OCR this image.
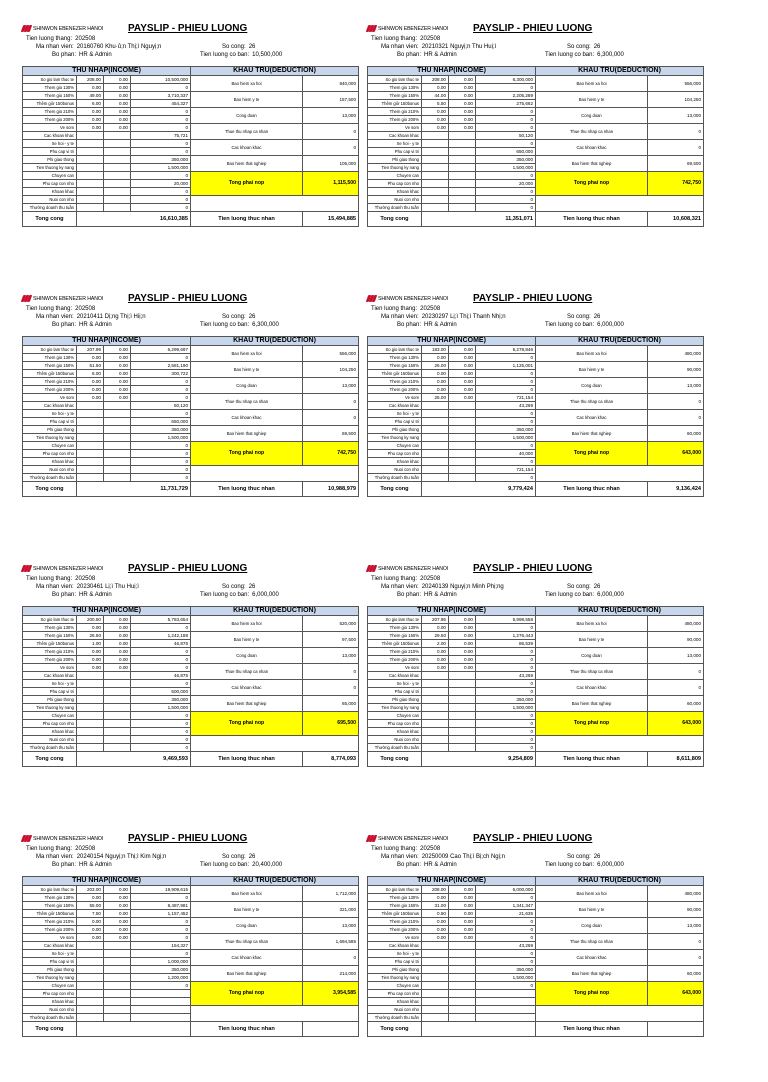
SHINWON EBENEZER HANOI PAYSLIP - PHIEU LUONG
Tien luong thang: 202508
Ma nhan vien: 20160760 Khu·ủ;n Thị;ì Nguyị;n
Bo phan: HR & Admin
So cong: 26
Tien luong co ban: 10,500,000
THU NHAP(INCOME)				KHAU TRU(DEDUCTION)	
So gio lam thuc te	208.00	0.00	10,500,000	Bao hiem xa hoi	840,000
Them gio 130%	0.00	0.00	0		
Them gio 150%	49.00	0.00	3,710,337	Bao hiem y te	157,500
Thêm giờ 150bonus	6.00	0.00	454,327		
Them gio 210%	0.00	0.00	0	Cong doan	13,000
Them gio 200%	0.00	0.00	0		
Ve som	0.00	0.00	0	Thue thu nhap ca nhan	0
Cac khoan khac			75,721		
Xe hoi - y te			0	Cac khoan khac	0
Phu cap vi tri			0		
Phi giao thong			350,000	Bao hiem that nghiep	105,000
Tien thuong ky nang			1,500,000		
Chuyen can			0	Tong phai nop	1,115,500
Phu cap con nho			20,000		
Khoan khac			0		
Nuoi con nho			0		
Thưởng doanh thu tuần			0		
Tong cong	16,610,385			Tien luong thuc nhan	15,494,885
SHINWON EBENEZER HANOI PAYSLIP - PHIEU LUONG
Tien luong thang: 202508
Ma nhan vien: 20210321 Nguyị;n Thu Huị;ì
Bo phan: HR & Admin
So cong: 26
Tien luong co ban: 6,300,000
THU NHAP(INCOME)				KHAU TRU(DEDUCTION)	
So gio lam thuc te	208.00	0.00	6,300,000	Bao hiem xa hoi	556,000
Them gio 130%	0.00	0.00	0		
Them gio 150%	44.00	0.00	2,205,289	Bao hiem y te	104,250
Thêm giờ 150bonus	5.50	0.00	275,662		
Them gio 210%	0.00	0.00	0	Cong doan	13,000
Them gio 200%	0.00	0.00	0		
Ve som	0.00	0.00	0	Thue thu nhap ca nhan	0
Cac khoan khac			50,120		
Xe hoi - y te			0	Cac khoan khac	0
Phu cap vi tri			650,000		
Phi giao thong			350,000	Bao hiem that nghiep	69,500
Tien thuong ky nang			1,500,000		
Chuyen can			0	Tong phai nop	742,750
Phu cap con nho			20,000		
Khoan khac			0		
Nuoi con nho			0		
Thưởng doanh thu tuần			0		
Tong cong	11,351,071			Tien luong thuc nhan	10,608,321
SHINWON EBENEZER HANOI PAYSLIP - PHIEU LUONG
Tien luong thang: 202508
Ma nhan vien: 20210411 Dị;ng Thị;ì Hiị;n
Bo phan: HR & Admin
So cong: 26
Tien luong co ban: 6,300,000
THU NHAP(INCOME)				KHAU TRU(DEDUCTION)	
So gio lam thuc te	207.99	0.00	6,299,697	Bao hiem xa hoi	556,000
Them gio 130%	0.00	0.00	0		
Them gio 150%	51.50	0.00	2,581,190	Bao hiem y te	104,250
Thêm giờ 150bonus	6.00	0.00	300,722		
Them gio 210%	0.00	0.00	0	Cong doan	13,000
Them gio 200%	0.00	0.00	0		
Ve som	0.00	0.00	0	Thue thu nhap ca nhan	0
Cac khoan khac			50,120		
Xe hoi - y te			0	Cac khoan khac	0
Phu cap vi tri			650,000		
Phi giao thong			350,000	Bao hiem that nghiep	69,500
Tien thuong ky nang			1,500,000		
Chuyen can			0	Tong phai nop	742,750
Phu cap con nho			0		
Khoan khac			0		
Nuoi con nho			0		
Thưởng doanh thu tuần			0		
Tong cong	11,731,729			Tien luong thuc nhan	10,988,979
SHINWON EBENEZER HANOI PAYSLIP - PHIEU LUONG
Tien luong thang: 202508
Ma nhan vien: 20230297 Lị;ì Thị;ì Thanh Nhị;n
Bo phan: HR & Admin
So cong: 26
Tien luong co ban: 6,000,000
THU NHAP(INCOME)				KHAU TRU(DEDUCTION)	
So gio lam thuc te	183.00	0.00	5,278,846	Bao hiem xa hoi	480,000
Them gio 130%	0.00	0.00	0		
Them gio 150%	26.00	0.00	1,125,001	Bao hiem y te	90,000
Thêm giờ 150bonus	0.00	0.00	0		
Them gio 210%	0.00	0.00	0	Cong doan	13,000
Them gio 200%	0.00	0.00	0		
Ve som	25.00	0.00	721,154	Thue thu nhap ca nhan	0
Cac khoan khac			43,269		
Xe hoi - y te			0	Cac khoan khac	0
Phu cap vi tri			0		
Phi giao thong			350,000	Bao hiem that nghiep	60,000
Tien thuong ky nang			1,500,000		
Chuyen can			0	Tong phai nop	643,000
Phu cap con nho			40,000		
Khoan khac			0		
Nuoi con nho			721,154		
Thưởng doanh thu tuần			0		
Tong cong	9,779,424			Tien luong thuc nhan	9,136,424
SHINWON EBENEZER HANOI PAYSLIP - PHIEU LUONG
Tien luong thang: 202508
Ma nhan vien: 20230461 Lị;ì Thu Huị;ì
Bo phan: HR & Admin
So cong: 26
Tien luong co ban: 6,000,000
THU NHAP(INCOME)				KHAU TRU(DEDUCTION)	
So gio lam thuc te	200.50	0.00	5,783,654	Bao hiem xa hoi	520,000
Them gio 130%	0.00	0.00	0		
Them gio 150%	26.50	0.00	1,242,188	Bao hiem y te	97,500
Thêm giờ 150bonus	1.00	0.00	46,876		
Them gio 210%	0.00	0.00	0	Cong doan	13,000
Them gio 200%	0.00	0.00	0		
Ve som	0.00	0.00	0	Thue thu nhap ca nhan	0
Cac khoan khac			46,875		
Xe hoi - y te			0	Cac khoan khac	0
Phu cap vi tri			500,000		
Phi giao thong			350,000	Bao hiem that nghiep	65,000
Tien thuong ky nang			1,500,000		
Chuyen can			0	Tong phai nop	695,500
Phu cap con nho			0		
Khoan khac			0		
Nuoi con nho			0		
Thưởng doanh thu tuần			0		
Tong cong	9,469,593			Tien luong thuc nhan	8,774,093
SHINWON EBENEZER HANOI PAYSLIP - PHIEU LUONG
Tien luong thang: 202508
Ma nhan vien: 20240139 Nguyị;n Minh Phị;ng
Bo phan: HR & Admin
So cong: 26
Tien luong co ban: 6,000,000
THU NHAP(INCOME)				KHAU TRU(DEDUCTION)	
So gio lam thuc te	207.95	0.00	5,998,558	Bao hiem xa hoi	480,000
Them gio 130%	0.00	0.00	0		
Them gio 150%	29.50	0.00	1,276,443	Bao hiem y te	90,000
Thêm giờ 150bonus	2.00	0.00	86,539		
Them gio 210%	0.00	0.00	0	Cong doan	13,000
Them gio 200%	0.00	0.00	0		
Ve som	0.00	0.00	0	Thue thu nhap ca nhan	0
Cac khoan khac			43,269		
Xe hoi - y te			0	Cac khoan khac	0
Phu cap vi tri			0		
Phi giao thong			350,000	Bao hiem that nghiep	60,000
Tien thuong ky nang			1,500,000		
Chuyen can			0	Tong phai nop	643,000
Phu cap con nho			0		
Khoan khac			0		
Nuoi con nho			0		
Thưởng doanh thu tuần			0		
Tong cong	9,254,809			Tien luong thuc nhan	8,611,809
SHINWON EBENEZER HANOI PAYSLIP - PHIEU LUONG
Tien luong thang: 202508
Ma nhan vien: 20240154 Nguyị;n Thị;ì Kim Ngị;n
Bo phan: HR & Admin
So cong: 26
Tien luong co ban: 20,400,000
THU NHAP(INCOME)				KHAU TRU(DEDUCTION)	
So gio lam thuc te	203.00	0.00	19,909,615	Bao hiem xa hoi	1,712,000
Them gio 130%	0.00	0.00	0		
Them gio 150%	55.00	0.00	8,487,981	Bao hiem y te	321,000
Thêm giờ 150bonus	7.50	0.00	1,157,452		
Them gio 210%	0.00	0.00	0	Cong doan	13,000
Them gio 200%	0.00	0.00	0		
Ve som	0.00	0.00	0	Thue thu nhap ca nhan	1,694,585
Cac khoan khac			154,327		
Xe hoi - y te			0	Cac khoan khac	0
Phu cap vi tri			1,000,000		
Phi giao thong			350,000	Bao hiem that nghiep	214,000
Tien thuong ky nang			1,200,000		
Chuyen can			0	Tong phai nop	3,954,585
Phu cap con nho					
Khoan khac					
Nuoi con nho					
Thưởng doanh thu tuần					
Tong cong				Tien luong thuc nhan	
SHINWON EBENEZER HANOI PAYSLIP - PHIEU LUONG
Tien luong thang: 202508
Ma nhan vien: 20250009 Cao Thị;ì Bị;ch Ngị;n
Bo phan: HR & Admin
So cong: 26
Tien luong co ban: 6,000,000
THU NHAP(INCOME)				KHAU TRU(DEDUCTION)	
So gio lam thuc te	208.00	0.00	6,000,000	Bao hiem xa hoi	480,000
Them gio 130%	0.00	0.00	0		
Them gio 150%	31.00	0.00	1,341,347	Bao hiem y te	90,000
Thêm giờ 150bonus	0.50	0.00	21,635		
Them gio 210%	0.00	0.00	0	Cong doan	13,000
Them gio 200%	0.00	0.00	0		
Ve som	0.00	0.00	0	Thue thu nhap ca nhan	0
Cac khoan khac			43,269		
Xe hoi - y te			0	Cac khoan khac	0
Phu cap vi tri			0		
Phi giao thong			350,000	Bao hiem that nghiep	60,000
Tien thuong ky nang			1,500,000		
Chuyen can			0	Tong phai nop	643,000
Phu cap con nho					
Khoan khac					
Nuoi con nho					
Thưởng doanh thu tuần					
Tong cong				Tien luong thuc nhan	
